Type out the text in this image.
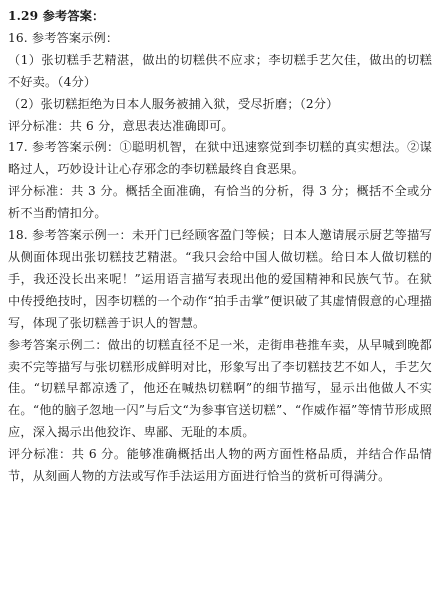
1.29 参考答案：

16. 参考答案示例：

（1）张切糕手艺精湛，做出的切糕供不应求；李切糕手艺欠佳，做出的切糕不好卖。（4分）

（2）张切糕拒绝为日本人服务被捕入狱，受尽折磨；（2分）

评分标准：共 6 分，意思表达准确即可。

17. 参考答案示例：①聪明机智，在狱中迅速察觉到李切糕的真实想法。②谋略过人，巧妙设计让心存邪念的李切糕最终自食恶果。

评分标准：共 3 分。概括全面准确，有恰当的分析，得 3 分；概括不全或分析不当酌情扣分。

18. 参考答案示例一：未开门已经顾客盈门等候；日本人邀请展示厨艺等描写从侧面体现出张切糕技艺精湛。“我只会给中国人做切糕。给日本人做切糕的手，我还没长出来呢！”运用语言描写表现出他的爱国精神和民族气节。在狱中传授绝技时，因李切糕的一个动作“拍手击掌”便识破了其虚情假意的心理描写，体现了张切糕善于识人的智慧。

参考答案示例二：做出的切糕直径不足一米，走街串巷推车卖，从早喊到晚都卖不完等描写与张切糕形成鲜明对比，形象写出了李切糕技艺不如人，手艺欠佳。“切糕早都凉透了，他还在喊热切糕啊”的细节描写，显示出他做人不实在。“他的脑子忽地一闪”与后文“为参事官送切糕”、“作威作福”等情节形成照应，深入揭示出他狡诈、卑鄙、无耻的本质。

评分标准：共 6 分。能够准确概括出人物的两方面性格品质，并结合作品情节，从刻画人物的方法或写作手法运用方面进行恰当的赏析可得满分。
